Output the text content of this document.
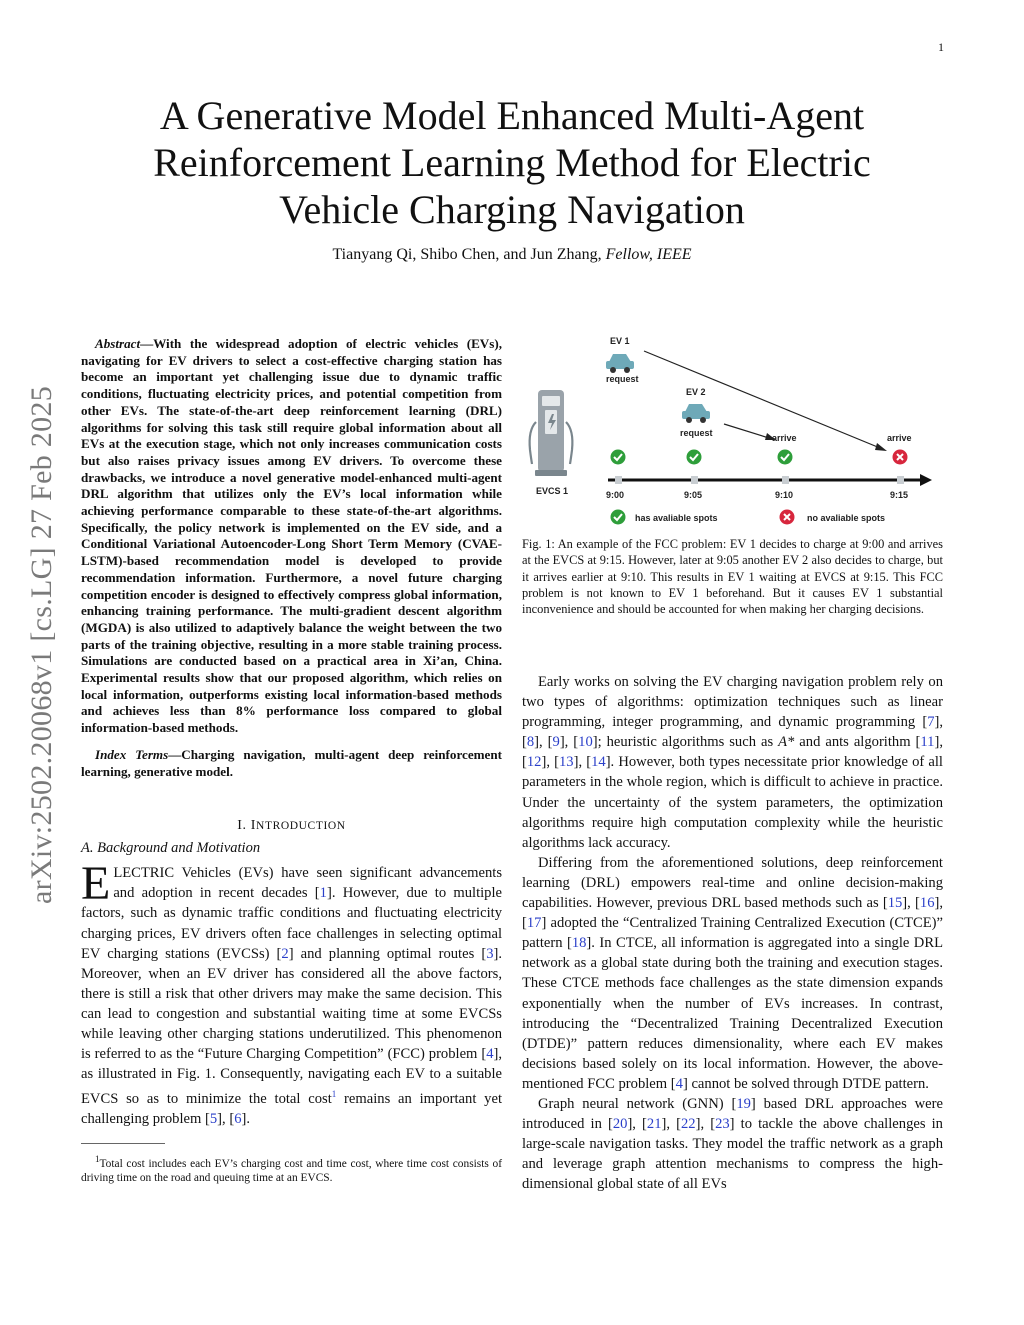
1
arXiv:2502.20068v1 [cs.LG] 27 Feb 2025
A Generative Model Enhanced Multi-Agent
Reinforcement Learning Method for Electric
Vehicle Charging Navigation
Tianyang Qi, Shibo Chen, and Jun Zhang, Fellow, IEEE

Abstract—With the widespread adoption of electric vehicles (EVs), navigating for EV drivers to select a cost-effective charging station has become an important yet challenging issue due to dynamic traffic conditions, fluctuating electricity prices, and potential competition from other EVs. The state-of-the-art deep reinforcement learning (DRL) algorithms for solving this task still require global information about all EVs at the execution stage, which not only increases communication costs but also raises privacy issues among EV drivers. To overcome these drawbacks, we introduce a novel generative model-enhanced multi-agent DRL algorithm that utilizes only the EV’s local information while achieving performance comparable to these state-of-the-art algorithms. Specifically, the policy network is implemented on the EV side, and a Conditional Variational Autoencoder-Long Short Term Memory (CVAE-LSTM)-based recommendation model is developed to provide recommendation information. Furthermore, a novel future charging competition encoder is designed to effectively compress global information, enhancing training performance. The multi-gradient descent algorithm (MGDA) is also utilized to adaptively balance the weight between the two parts of the training objective, resulting in a more stable training process. Simulations are conducted based on a practical area in Xi’an, China. Experimental results show that our proposed algorithm, which relies on local information, outperforms existing local information-based methods and achieves less than 8% performance loss compared to global information-based methods.

Index Terms—Charging navigation, multi-agent deep reinforcement learning, generative model.

I. INTRODUCTION
A. Background and Motivation

ELECTRIC Vehicles (EVs) have seen significant advancements and adoption in recent decades [1]. However, due to multiple factors, such as dynamic traffic conditions and fluctuating electricity charging prices, EV drivers often face challenges in selecting optimal EV charging stations (EVCSs) [2] and planning optimal routes [3]. Moreover, when an EV driver has considered all the above factors, there is still a risk that other drivers may make the same decision. This can lead to congestion and substantial waiting time at some EVCSs while leaving other charging stations underutilized. This phenomenon is referred to as the “Future Charging Competition” (FCC) problem [4], as illustrated in Fig. 1. Consequently, navigating each EV to a suitable EVCS so as to minimize the total cost$^1$ remains an important yet challenging problem [5], [6].

$^1$Total cost includes each EV’s charging cost and time cost, where time cost consists of driving time on the road and queuing time at an EVCS.

EVCS 1	9:00	9:05	9:10	9:15
EV 1
request
EV 2
request	arrive	arrive
has avaliable spots	no avaliable spots

Fig. 1: An example of the FCC problem: EV 1 decides to charge at 9:00 and arrives at the EVCS at 9:15. However, later at 9:05 another EV 2 also decides to charge, but it arrives earlier at 9:10. This results in EV 1 waiting at EVCS at 9:15. This FCC problem is not known to EV 1 beforehand. But it causes EV 1 substantial inconvenience and should be accounted for when making her charging decisions.

Early works on solving the EV charging navigation problem rely on two types of algorithms: optimization techniques such as linear programming, integer programming, and dynamic programming [7], [8], [9], [10]; heuristic algorithms such as A* and ants algorithm [11], [12], [13], [14]. However, both types necessitate prior knowledge of all parameters in the whole region, which is difficult to achieve in practice. Under the uncertainty of the system parameters, the optimization algorithms require high computation complexity while the heuristic algorithms lack accuracy.

Differing from the aforementioned solutions, deep reinforcement learning (DRL) empowers real-time and online decision-making capabilities. However, previous DRL based methods such as [15], [16], [17] adopted the “Centralized Training Centralized Execution (CTCE)” pattern [18]. In CTCE, all information is aggregated into a single DRL network as a global state during both the training and execution stages. These CTCE methods face challenges as the state dimension expands exponentially when the number of EVs increases. In contrast, introducing the “Decentralized Training Decentralized Execution (DTDE)” pattern reduces dimensionality, where each EV makes decisions based solely on its local information. However, the above-mentioned FCC problem [4] cannot be solved through DTDE pattern.

Graph neural network (GNN) [19] based DRL approaches were introduced in [20], [21], [22], [23] to tackle the above challenges in large-scale navigation tasks. They model the traffic network as a graph and leverage graph attention mechanisms to compress the high-dimensional global state of all EVs
